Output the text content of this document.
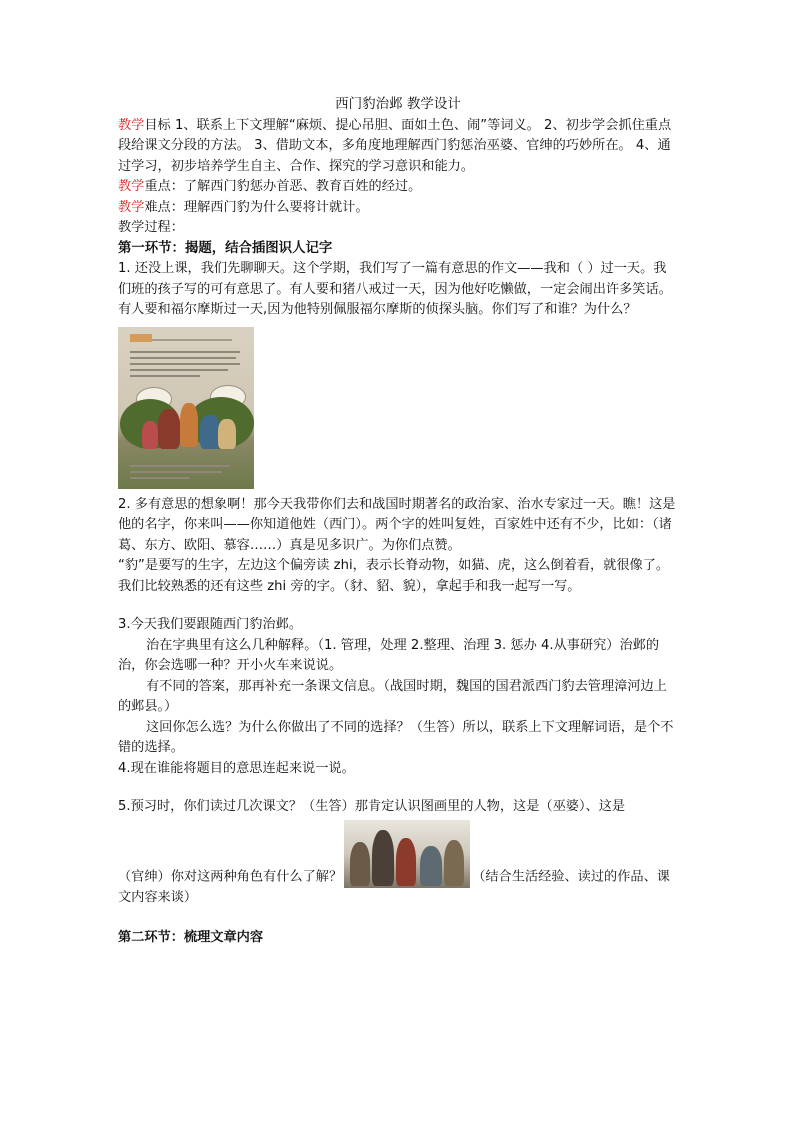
西门豹治邺 教学设计
教学目标 1、联系上下文理解“麻烦、提心吊胆、面如土色、闹”等词义。 2、初步学会抓住重点段给课文分段的方法。 3、借助文本，多角度地理解西门豹惩治巫婆、官绅的巧妙所在。 4、通过学习，初步培养学生自主、合作、探究的学习意识和能力。
教学重点：了解西门豹惩办首恶、教育百姓的经过。
教学难点：理解西门豹为什么要将计就计。
教学过程：
第一环节：揭题，结合插图识人记字
1. 还没上课，我们先聊聊天。这个学期，我们写了一篇有意思的作文——我和（ ）过一天。我们班的孩子写的可有意思了。有人要和猪八戒过一天，因为他好吃懒做，一定会闹出许多笑话。有人要和福尔摩斯过一天,因为他特别佩服福尔摩斯的侦探头脑。你们写了和谁？为什么？
2. 多有意思的想象啊！那今天我带你们去和战国时期著名的政治家、治水专家过一天。瞧！这是他的名字，你来叫——你知道他姓（西门）。两个字的姓叫复姓，百家姓中还有不少，比如：（诸葛、东方、欧阳、慕容……）真是见多识广。为你们点赞。
“豹”是要写的生字，左边这个偏旁读 zhi，表示长脊动物，如猫、虎，这么倒着看，就很像了。我们比较熟悉的还有这些 zhi 旁的字。（豺、貂、貌），拿起手和我一起写一写。
3.今天我们要跟随西门豹治邺。
治在字典里有这么几种解释。（1. 管理，处理 2.整理、治理 3. 惩办 4.从事研究）治邺的治，你会选哪一种？开小火车来说说。
有不同的答案，那再补充一条课文信息。（战国时期，魏国的国君派西门豹去管理漳河边上的邺县。）
这回你怎么选？为什么你做出了不同的选择？（生答）所以，联系上下文理解词语，是个不错的选择。
4.现在谁能将题目的意思连起来说一说。
5.预习时，你们读过几次课文？（生答）那肯定认识图画里的人物，这是（巫婆）、这是
（官绅）你对这两种角色有什么了解？	（结合生活经验、读过的作品、课文内容来谈）
第二环节：梳理文章内容
